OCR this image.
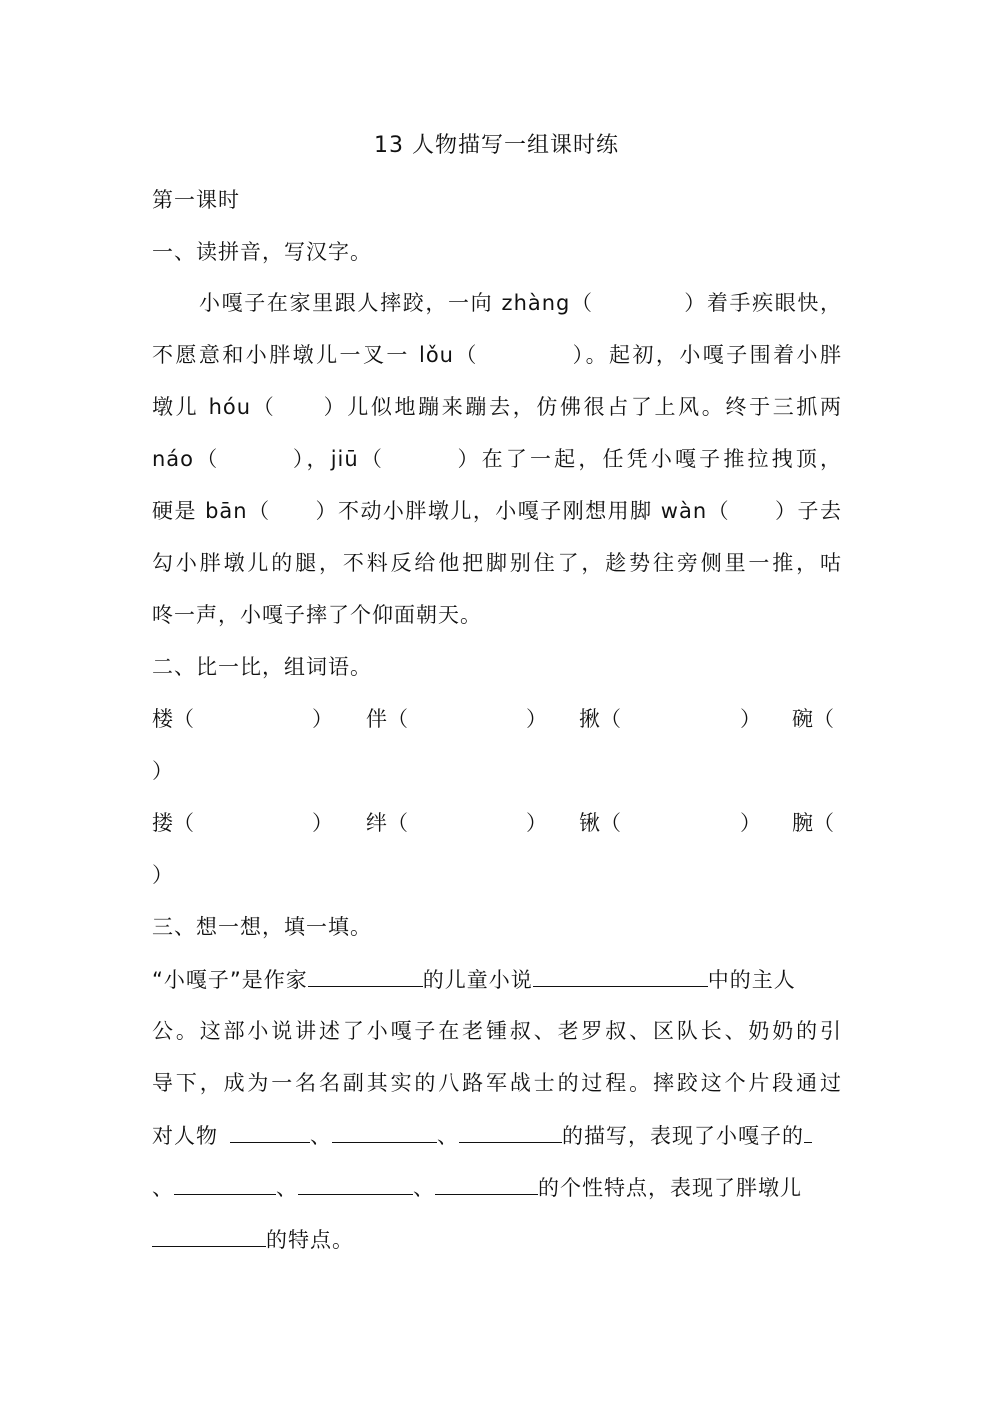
13 人物描写一组课时练
第一课时
一、读拼音，写汉字。
小嘎子在家里跟人摔跤，一向 zhàng（　　　　）着手疾眼快，
不愿意和小胖墩儿一叉一 lǒu（　　　　）。起初，小嘎子围着小胖
墩儿 hóu（　　）儿似地蹦来蹦去，仿佛很占了上风。终于三抓两
náo（　　　），jiū（　　　）在了一起，任凭小嘎子推拉拽顶，
硬是 bān（　　）不动小胖墩儿，小嘎子刚想用脚 wàn（　　）子去
勾小胖墩儿的腿，不料反给他把脚别住了，趁势往旁侧里一推，咕
咚一声，小嘎子摔了个仰面朝天。
二、比一比，组词语。
楼（	） 伴（	） 揪（	） 碗（
）
搂（	） 绊（	） 锹（	） 腕（
）
三、想一想，填一填。
“小嘎子”是作家	的儿童小说	中的主人
公。这部小说讲述了小嘎子在老锺叔、老罗叔、区队长、奶奶的引
导下，成为一名名副其实的八路军战士的过程。摔跤这个片段通过
对人物	、	、	的描写，表现了小嘎子的
、	、	、	的个性特点，表现了胖墩儿
的特点。
